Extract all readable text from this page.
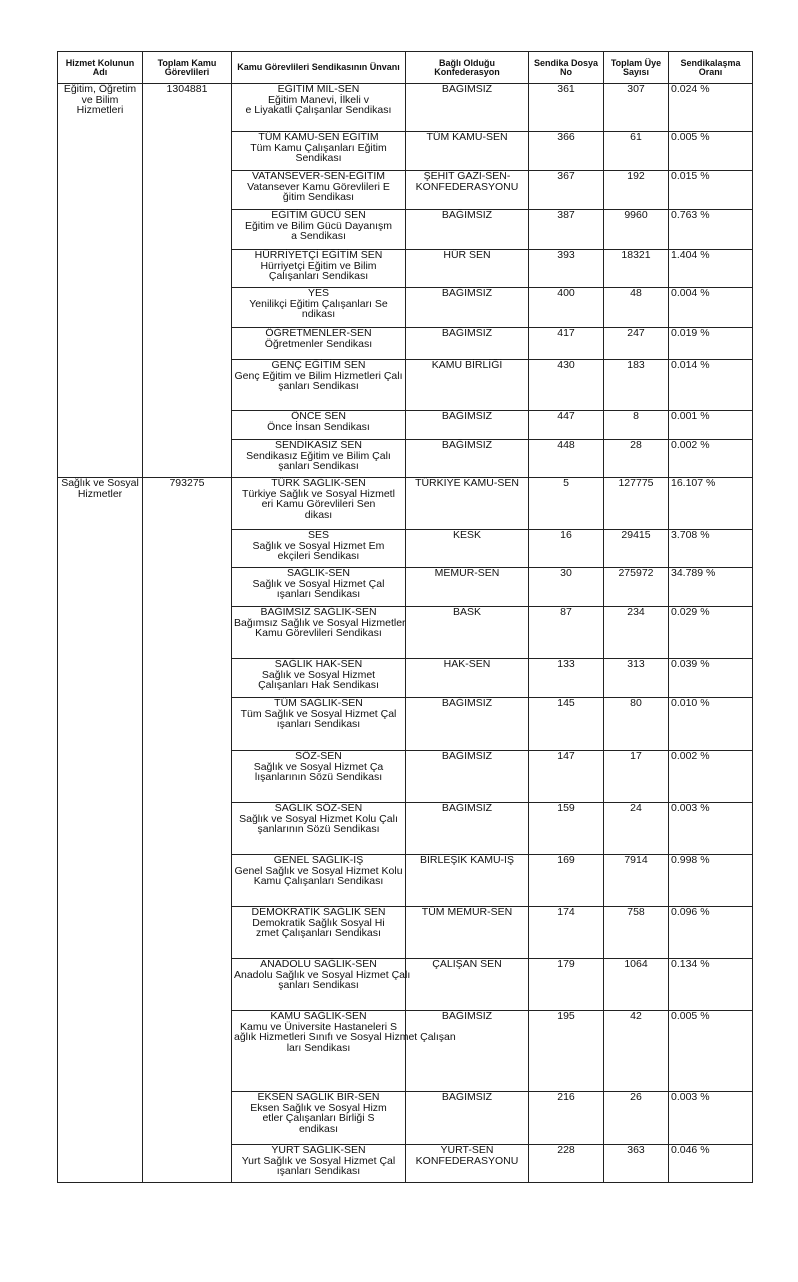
Hizmet Kolunun Adı	Toplam Kamu Görevlileri	Kamu Görevlileri Sendikasının Ünvanı	Bağlı Olduğu Konfederasyon	Sendika Dosya No	Toplam Üye Sayısı	Sendikalaşma Oranı
Eğitim, Öğretim ve Bilim Hizmetleri	1304881	EĞİTİM MİL-SEN
Eğitim Manevi, İlkeli v
e Liyakatli Çalışanlar Sendikası	BAĞIMSIZ	361	307	0.024 %

		TÜM KAMU-SEN EĞİTİM
Tüm Kamu Çalışanları Eğitim
Sendikası	TÜM KAMU-SEN	366	61	0.005 %

		VATANSEVER-SEN-EĞİTİM
Vatansever Kamu Görevlileri E
ğitim Sendikası	ŞEHİT GAZİ-SEN-KONFEDERASYONU	367	192	0.015 %

		EĞİTİM GÜCÜ SEN
Eğitim ve Bilim Gücü Dayanışm
a Sendikası	BAĞIMSIZ	387	9960	0.763 %

		HÜRRİYETÇİ EĞİTİM SEN
Hürriyetçi Eğitim ve Bilim
Çalışanları Sendikası	HÜR SEN	393	18321	1.404 %

		YES
Yenilikçi Eğitim Çalışanları Se
ndikası	BAĞIMSIZ	400	48	0.004 %

		ÖĞRETMENLER-SEN
Öğretmenler Sendikası	BAĞIMSIZ	417	247	0.019 %

		GENÇ EĞİTİM SEN
Genç Eğitim ve Bilim Hizmetleri Çalı
şanları Sendikası	KAMU BİRLİĞİ	430	183	0.014 %

		ÖNCE SEN
Önce İnsan Sendikası	BAĞIMSIZ	447	8	0.001 %

		SENDİKASIZ SEN
Sendikasız Eğitim ve Bilim Çalı
şanları Sendikası	BAĞIMSIZ	448	28	0.002 %
Sağlık ve Sosyal Hizmetler	793275	TÜRK SAĞLIK-SEN
Türkiye Sağlık ve Sosyal Hizmetl
eri Kamu Görevlileri Sen
dikası	TÜRKİYE KAMU-SEN	5	127775	16.107 %

		SES
Sağlık ve Sosyal Hizmet Em
ekçileri Sendikası	KESK	16	29415	3.708 %

		SAĞLIK-SEN
Sağlık ve Sosyal Hizmet Çal
ışanları Sendikası	MEMUR-SEN	30	275972	34.789 %

		BAĞIMSIZ SAĞLIK-SEN
Bağımsız Sağlık ve Sosyal Hizmetler
Kamu Görevlileri Sendikası	BASK	87	234	0.029 %

		SAĞLIK HAK-SEN
Sağlık ve Sosyal Hizmet
Çalışanları Hak Sendikası	HAK-SEN	133	313	0.039 %

		TÜM SAĞLIK-SEN
Tüm Sağlık ve Sosyal Hizmet Çal
ışanları Sendikası	BAĞIMSIZ	145	80	0.010 %

		SÖZ-SEN
Sağlık ve Sosyal Hizmet Ça
lışanlarının Sözü Sendikası	BAĞIMSIZ	147	17	0.002 %

		SAĞLIK SÖZ-SEN
Sağlık ve Sosyal Hizmet Kolu Çalı
şanlarının Sözü Sendikası	BAĞIMSIZ	159	24	0.003 %

		GENEL SAĞLIK-İŞ
Genel Sağlık ve Sosyal Hizmet Kolu
Kamu Çalışanları Sendikası	BİRLEŞİK KAMU-İŞ	169	7914	0.998 %

		DEMOKRATİK SAĞLIK SEN
Demokratik Sağlık Sosyal Hi
zmet Çalışanları Sendikası	TÜM MEMUR-SEN	174	758	0.096 %

		ANADOLU SAĞLIK-SEN
Anadolu Sağlık ve Sosyal Hizmet Çalı
şanları Sendikası	ÇALIŞAN SEN	179	1064	0.134 %

		KAMU SAĞLIK-SEN
Kamu ve Üniversite Hastaneleri S
ağlık Hizmetleri Sınıfı ve Sosyal Hizmet Çalışan
ları Sendikası	BAĞIMSIZ	195	42	0.005 %

		EKSEN SAĞLIK BİR-SEN
Eksen Sağlık ve Sosyal Hizm
etler Çalışanları Birliği S
endikası	BAĞIMSIZ	216	26	0.003 %

		YURT SAĞLIK-SEN
Yurt Sağlık ve Sosyal Hizmet Çal
ışanları Sendikası	YURT-SEN KONFEDERASYONU	228	363	0.046 %
